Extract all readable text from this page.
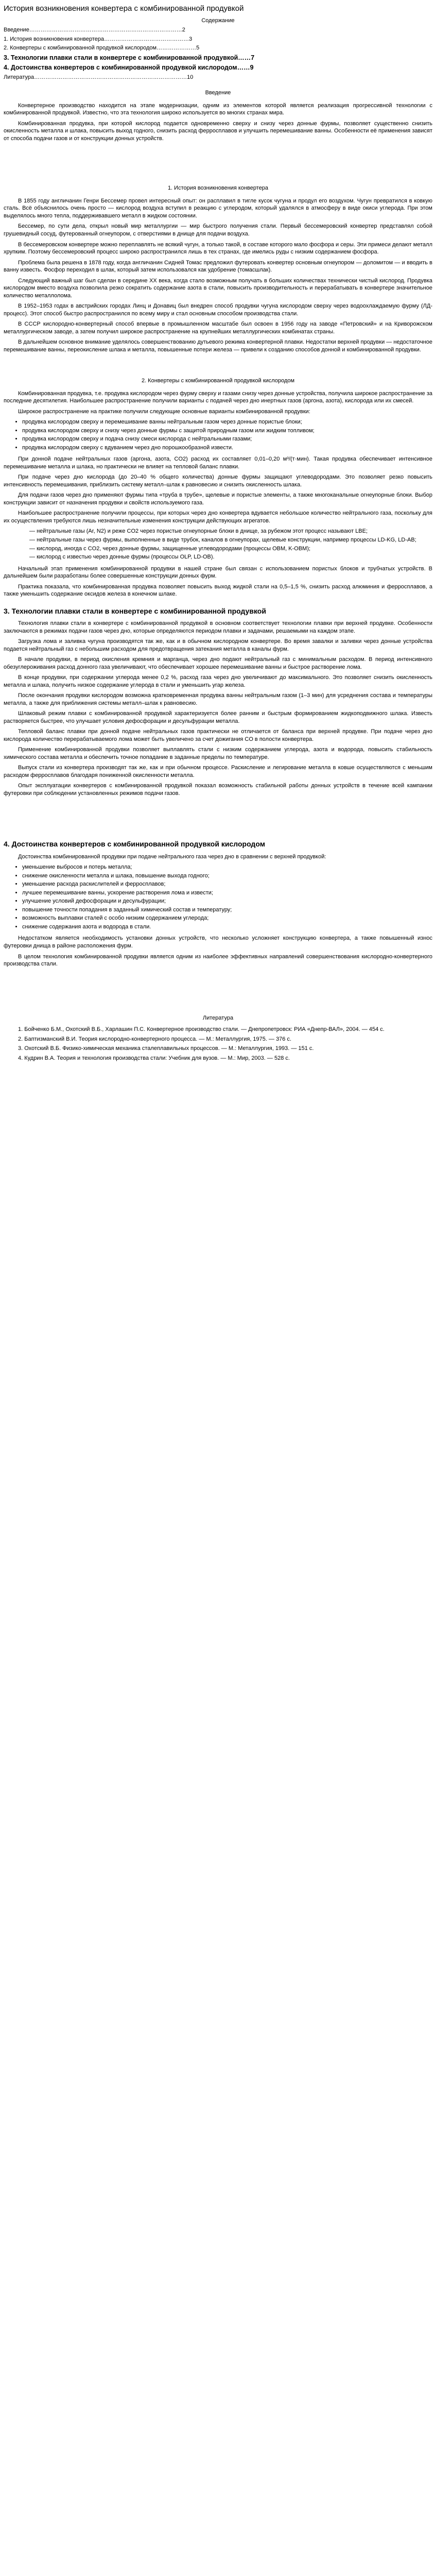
История возникновения конвертера с комбинированной продувкой
Содержание
Введение………………………………………………………………………2
1. История возникновения конвертера………………………………………3
2. Конвертеры с комбинированной продувкой кислородом…………………5
3. Технологии плавки стали в конвертере с комбинированной продувкой……7
4. Достоинства конвертеров с комбинированной продувкой кислородом……9
Литература………………………………………………………………………10
Введение

Конвертерное производство находится на этапе модернизации, одним из элементов которой является реализация прогрессивной технологии с комбинированной продувкой. Известно, что эта технология широко используется во многих странах мира.

Комбинированная продувка, при которой кислород подается одновременно сверху и снизу через донные фурмы, позволяет существенно снизить окисленность металла и шлака, повысить выход годного, снизить расход ферросплавов и улучшить перемешивание ванны. Особенности её применения зависят от способа подачи газов и от конструкции донных устройств.

1. История возникновения конвертера

В 1855 году англичанин Генри Бессемер провел интересный опыт: он расплавил в тигле кусок чугуна и продул его воздухом. Чугун превратился в ковкую сталь. Всё объяснилось очень просто — кислород воздуха вступил в реакцию с углеродом, который удалялся в атмосферу в виде окиси углерода. При этом выделялось много тепла, поддерживавшего металл в жидком состоянии.

Бессемер, по сути дела, открыл новый мир металлургии — мир быстрого получения стали. Первый бессемеровский конвертер представлял собой грушевидный сосуд, футерованный огнеупором, с отверстиями в днище для подачи воздуха.

В бессемеровском конвертере можно переплавлять не всякий чугун, а только такой, в составе которого мало фосфора и серы. Эти примеси делают металл хрупким. Поэтому бессемеровский процесс широко распространился лишь в тех странах, где имелись руды с низким содержанием фосфора.

Проблема была решена в 1878 году, когда англичанин Сидней Томас предложил футеровать конвертер основным огнеупором — доломитом — и вводить в ванну известь. Фосфор переходил в шлак, который затем использовался как удобрение (томасшлак).

Следующий важный шаг был сделан в середине XX века, когда стало возможным получать в больших количествах технически чистый кислород. Продувка кислородом вместо воздуха позволила резко сократить содержание азота в стали, повысить производительность и перерабатывать в конвертере значительное количество металлолома.

В 1952–1953 годах в австрийских городах Линц и Донавиц был внедрен способ продувки чугуна кислородом сверху через водоохлаждаемую фурму (ЛД-процесс). Этот способ быстро распространился по всему миру и стал основным способом производства стали.

В СССР кислородно-конвертерный способ впервые в промышленном масштабе был освоен в 1956 году на заводе «Петровский» и на Криворожском металлургическом заводе, а затем получил широкое распространение на крупнейших металлургических комбинатах страны.

В дальнейшем основное внимание уделялось совершенствованию дутьевого режима конвертерной плавки. Недостатки верхней продувки — недостаточное перемешивание ванны, переокисление шлака и металла, повышенные потери железа — привели к созданию способов донной и комбинированной продувки.

2. Конвертеры с комбинированной продувкой кислородом

Комбинированная продувка, т.е. продувка кислородом через фурму сверху и газами снизу через донные устройства, получила широкое распространение за последние десятилетия. Наибольшее распространение получили варианты с подачей через дно инертных газов (аргона, азота), кислорода или их смесей.

Широкое распространение на практике получили следующие основные варианты комбинированной продувки:

• продувка кислородом сверху и перемешивание ванны нейтральным газом через донные пористые блоки;
• продувка кислородом сверху и снизу через донные фурмы с защитой природным газом или жидким топливом;
• продувка кислородом сверху и подача снизу смеси кислорода с нейтральными газами;
• продувка кислородом сверху с вдуванием через дно порошкообразной извести.

При донной подаче нейтральных газов (аргона, азота, CO2) расход их составляет 0,01–0,20 м³/(т·мин). Такая продувка обеспечивает интенсивное перемешивание металла и шлака, но практически не влияет на тепловой баланс плавки.

При подаче через дно кислорода (до 20–40 % общего количества) донные фурмы защищают углеводородами. Это позволяет резко повысить интенсивность перемешивания, приблизить систему металл–шлак к равновесию и снизить окисленность шлака.

Для подачи газов через дно применяют фурмы типа «труба в трубе», щелевые и пористые элементы, а также многоканальные огнеупорные блоки. Выбор конструкции зависит от назначения продувки и свойств используемого газа.

Наибольшее распространение получили процессы, при которых через дно конвертера вдувается небольшое количество нейтрального газа, поскольку для их осуществления требуются лишь незначительные изменения конструкции действующих агрегатов.

— нейтральные газы (Ar, N2) и реже CO2 через пористые огнеупорные блоки в днище, за рубежом этот процесс называют LBE;
— нейтральные газы через фурмы, выполненные в виде трубок, каналов в огнеупорах, щелевые конструкции, например процессы LD-KG, LD-AB;
— кислород, иногда с CO2, через донные фурмы, защищенные углеводородами (процессы OBM, K-OBM);
— кислород с известью через донные фурмы (процессы OLP, LD-OB).

Начальный этап применения комбинированной продувки в нашей стране был связан с использованием пористых блоков и трубчатых устройств. В дальнейшем были разработаны более совершенные конструкции донных фурм.

Практика показала, что комбинированная продувка позволяет повысить выход жидкой стали на 0,5–1,5 %, снизить расход алюминия и ферросплавов, а также уменьшить содержание оксидов железа в конечном шлаке.

3. Технологии плавки стали в конвертере с комбинированной продувкой

Технология плавки стали в конвертере с комбинированной продувкой в основном соответствует технологии плавки при верхней продувке. Особенности заключаются в режимах подачи газов через дно, которые определяются периодом плавки и задачами, решаемыми на каждом этапе.

Загрузка лома и заливка чугуна производятся так же, как и в обычном кислородном конвертере. Во время завалки и заливки через донные устройства подается нейтральный газ с небольшим расходом для предотвращения затекания металла в каналы фурм.

В начале продувки, в период окисления кремния и марганца, через дно подают нейтральный газ с минимальным расходом. В период интенсивного обезуглероживания расход донного газа увеличивают, что обеспечивает хорошее перемешивание ванны и быстрое растворение лома.

В конце продувки, при содержании углерода менее 0,2 %, расход газа через дно увеличивают до максимального. Это позволяет снизить окисленность металла и шлака, получить низкое содержание углерода в стали и уменьшить угар железа.

После окончания продувки кислородом возможна кратковременная продувка ванны нейтральным газом (1–3 мин) для усреднения состава и температуры металла, а также для приближения системы металл–шлак к равновесию.

Шлаковый режим плавки с комбинированной продувкой характеризуется более ранним и быстрым формированием жидкоподвижного шлака. Известь растворяется быстрее, что улучшает условия дефосфорации и десульфурации металла.

Тепловой баланс плавки при донной подаче нейтральных газов практически не отличается от баланса при верхней продувке. При подаче через дно кислорода количество перерабатываемого лома может быть увеличено за счет дожигания CO в полости конвертера.

Применение комбинированной продувки позволяет выплавлять стали с низким содержанием углерода, азота и водорода, повысить стабильность химического состава металла и обеспечить точное попадание в заданные пределы по температуре.

Выпуск стали из конвертера производят так же, как и при обычном процессе. Раскисление и легирование металла в ковше осуществляются с меньшим расходом ферросплавов благодаря пониженной окисленности металла.

Опыт эксплуатации конвертеров с комбинированной продувкой показал возможность стабильной работы донных устройств в течение всей кампании футеровки при соблюдении установленных режимов подачи газов.

4. Достоинства конвертеров с комбинированной продувкой кислородом

Достоинства комбинированной продувки при подаче нейтрального газа через дно в сравнении с верхней продувкой:

• уменьшение выбросов и потерь металла;
• снижение окисленности металла и шлака, повышение выхода годного;
• уменьшение расхода раскислителей и ферросплавов;
• лучшее перемешивание ванны, ускорение растворения лома и извести;
• улучшение условий дефосфорации и десульфурации;
• повышение точности попадания в заданный химический состав и температуру;
• возможность выплавки сталей с особо низким содержанием углерода;
• снижение содержания азота и водорода в стали.

Недостатком является необходимость установки донных устройств, что несколько усложняет конструкцию конвертера, а также повышенный износ футеровки днища в районе расположения фурм.

В целом технология комбинированной продувки является одним из наиболее эффективных направлений совершенствования кислородно-конвертерного производства стали.

Литература

1. Бойченко Б.М., Охотский В.Б., Харлашин П.С. Конвертерное производство стали. — Днепропетровск: РИА «Днепр-ВАЛ», 2004. — 454 с.

2. Баптизманский В.И. Теория кислородно-конвертерного процесса. — М.: Металлургия, 1975. — 376 с.

3. Охотский В.Б. Физико-химическая механика сталеплавильных процессов. — М.: Металлургия, 1993. — 151 с.

4. Кудрин В.А. Теория и технология производства стали: Учебник для вузов. — М.: Мир, 2003. — 528 с.
